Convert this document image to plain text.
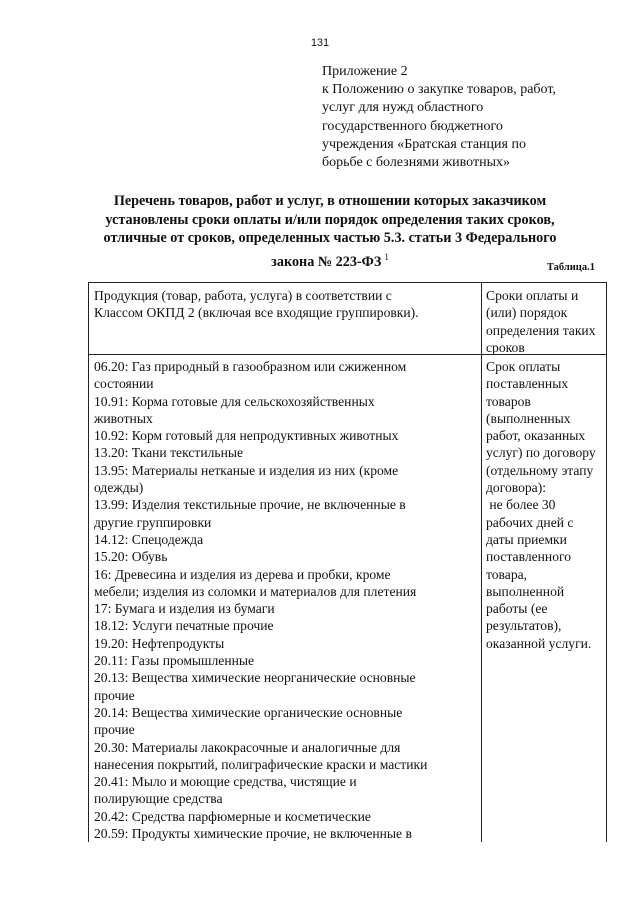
131
Приложение 2
к Положению о закупке товаров, работ,
услуг для нужд областного
государственного бюджетного
учреждения «Братская станция по
борьбе с болезнями животных»
Перечень товаров, работ и услуг, в отношении которых заказчиком
установлены сроки оплаты и/или порядок определения таких сроков,
отличные от сроков, определенных частью 5.3. статьи 3 Федерального
закона № 223-ФЗ $^1$
Таблица.1
Продукция (товар, работа, услуга) в соответствии с
Классом ОКПД 2 (включая все входящие группировки).
Сроки оплаты и
(или) порядок
определения таких
сроков
06.20: Газ природный в газообразном или сжиженном
состоянии
10.91: Корма готовые для сельскохозяйственных
животных
10.92: Корм готовый для непродуктивных животных
13.20: Ткани текстильные
13.95: Материалы нетканые и изделия из них (кроме
одежды)
13.99: Изделия текстильные прочие, не включенные в
другие группировки
14.12: Спецодежда
15.20: Обувь
16: Древесина и изделия из дерева и пробки, кроме
мебели; изделия из соломки и материалов для плетения
17: Бумага и изделия из бумаги
18.12: Услуги печатные прочие
19.20: Нефтепродукты
20.11: Газы промышленные
20.13: Вещества химические неорганические основные
прочие
20.14: Вещества химические органические основные
прочие
20.30: Материалы лакокрасочные и аналогичные для
нанесения покрытий, полиграфические краски и мастики
20.41: Мыло и моющие средства, чистящие и
полирующие средства
20.42: Средства парфюмерные и косметические
20.59: Продукты химические прочие, не включенные в
Срок оплаты
поставленных
товаров
(выполненных
работ, оказанных
услуг) по договору
(отдельному этапу
договора):
не более 30
рабочих дней с
даты приемки
поставленного
товара,
выполненной
работы (ее
результатов),
оказанной услуги.
